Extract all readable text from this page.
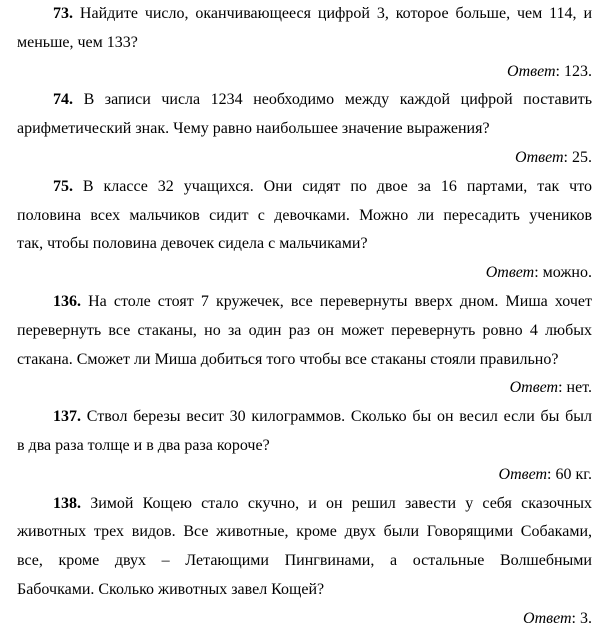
73. Найдите число, оканчивающееся цифрой 3, которое больше, чем 114, и
меньше, чем 133?
Ответ: 123.
74. В записи числа 1234 необходимо между каждой цифрой поставить
арифметический знак. Чему равно наибольшее значение выражения?
Ответ: 25.
75. В классе 32 учащихся. Они сидят по двое за 16 партами, так что
половина всех мальчиков сидит с девочками. Можно ли пересадить учеников
так, чтобы половина девочек сидела с мальчиками?
Ответ: можно.
136. На столе стоят 7 кружечек, все перевернуты вверх дном. Миша хочет
перевернуть все стаканы, но за один раз он может перевернуть ровно 4 любых
стакана. Сможет ли Миша добиться того чтобы все стаканы стояли правильно?
Ответ: нет.
137. Ствол березы весит 30 килограммов. Сколько бы он весил если бы был
в два раза толще и в два раза короче?
Ответ: 60 кг.
138. Зимой Кощею стало скучно, и он решил завести у себя сказочных
животных трех видов. Все животные, кроме двух были Говорящими Собаками,
все, кроме двух – Летающими Пингвинами, а остальные Волшебными
Бабочками. Сколько животных завел Кощей?
Ответ: 3.
